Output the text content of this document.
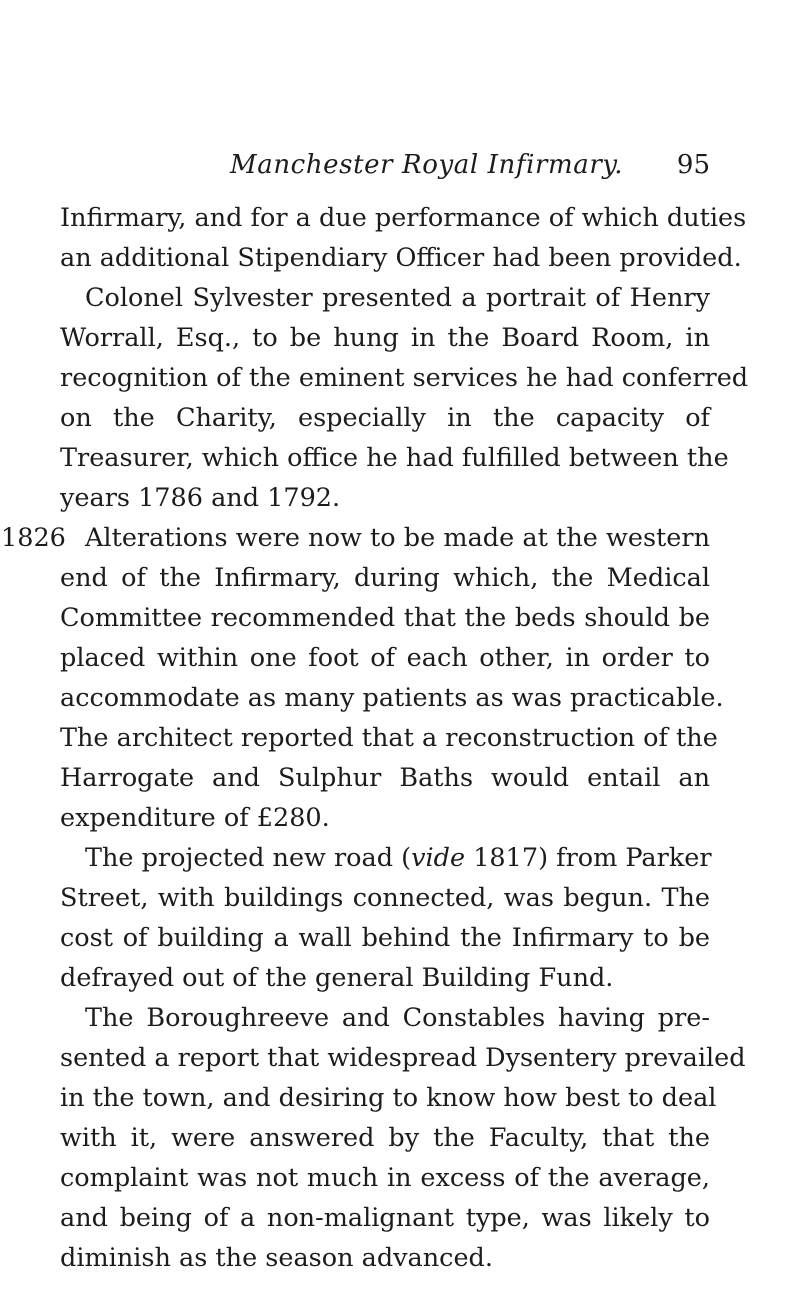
Manchester Royal Infirmary. 95
Infirmary, and for a due performance of which duties
an additional Stipendiary Officer had been provided.
Colonel Sylvester presented a portrait of Henry
Worrall, Esq., to be hung in the Board Room, in
recognition of the eminent services he had conferred
on the Charity, especially in the capacity of
Treasurer, which office he had fulfilled between the
years 1786 and 1792.
1826 Alterations were now to be made at the western
end of the Infirmary, during which, the Medical
Committee recommended that the beds should be
placed within one foot of each other, in order to
accommodate as many patients as was practicable.
The architect reported that a reconstruction of the
Harrogate and Sulphur Baths would entail an
expenditure of £280.
The projected new road (vide 1817) from Parker
Street, with buildings connected, was begun. The
cost of building a wall behind the Infirmary to be
defrayed out of the general Building Fund.
The Boroughreeve and Constables having pre-
sented a report that widespread Dysentery prevailed
in the town, and desiring to know how best to deal
with it, were answered by the Faculty, that the
complaint was not much in excess of the average,
and being of a non-malignant type, was likely to
diminish as the season advanced.
